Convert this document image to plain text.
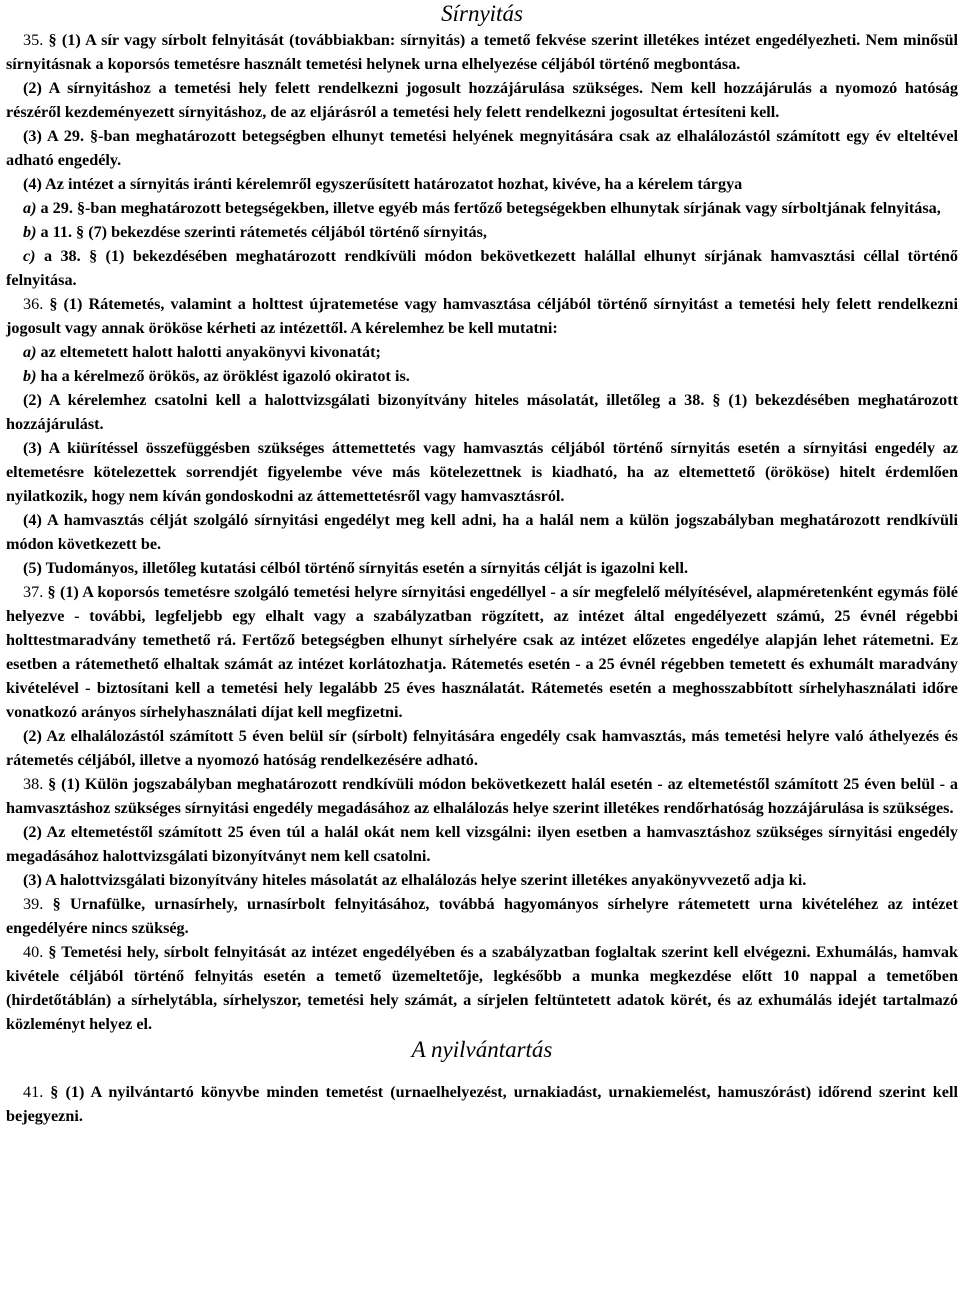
Sírnyitás

35. § (1) A sír vagy sírbolt felnyitását (továbbiakban: sírnyitás) a temető fekvése szerint illetékes intézet engedélyezheti. Nem minősül sírnyitásnak a koporsós temetésre használt temetési helynek urna elhelyezése céljából történő megbontása.

(2) A sírnyitáshoz a temetési hely felett rendelkezni jogosult hozzájárulása szükséges. Nem kell hozzájárulás a nyomozó hatóság részéről kezdeményezett sírnyitáshoz, de az eljárásról a temetési hely felett rendelkezni jogosultat értesíteni kell.

(3) A 29. §-ban meghatározott betegségben elhunyt temetési helyének megnyitására csak az elhalálozástól számított egy év elteltével adható engedély.

(4) Az intézet a sírnyitás iránti kérelemről egyszerűsített határozatot hozhat, kivéve, ha a kérelem tárgya

a) a 29. §-ban meghatározott betegségekben, illetve egyéb más fertőző betegségekben elhunytak sírjának vagy sírboltjának felnyitása,

b) a 11. § (7) bekezdése szerinti rátemetés céljából történő sírnyitás,

c) a 38. § (1) bekezdésében meghatározott rendkívüli módon bekövetkezett halállal elhunyt sírjának hamvasztási céllal történő felnyitása.

36. § (1) Rátemetés, valamint a holttest újratemetése vagy hamvasztása céljából történő sírnyitást a temetési hely felett rendelkezni jogosult vagy annak örököse kérheti az intézettől. A kérelemhez be kell mutatni:

a) az eltemetett halott halotti anyakönyvi kivonatát;

b) ha a kérelmező örökös, az öröklést igazoló okiratot is.

(2) A kérelemhez csatolni kell a halottvizsgálati bizonyítvány hiteles másolatát, illetőleg a 38. § (1) bekezdésében meghatározott hozzájárulást.

(3) A kiürítéssel összefüggésben szükséges áttemettetés vagy hamvasztás céljából történő sírnyitás esetén a sírnyitási engedély az eltemetésre kötelezettek sorrendjét figyelembe véve más kötelezettnek is kiadható, ha az eltemettető (örököse) hitelt érdemlően nyilatkozik, hogy nem kíván gondoskodni az áttemettetésről vagy hamvasztásról.

(4) A hamvasztás célját szolgáló sírnyitási engedélyt meg kell adni, ha a halál nem a külön jogszabályban meghatározott rendkívüli módon következett be.

(5) Tudományos, illetőleg kutatási célból történő sírnyitás esetén a sírnyitás célját is igazolni kell.

37. § (1) A koporsós temetésre szolgáló temetési helyre sírnyitási engedéllyel - a sír megfelelő mélyítésével, alapméretenként egymás fölé helyezve - további, legfeljebb egy elhalt vagy a szabályzatban rögzített, az intézet által engedélyezett számú, 25 évnél régebbi holttestmaradvány temethető rá. Fertőző betegségben elhunyt sírhelyére csak az intézet előzetes engedélye alapján lehet rátemetni. Ez esetben a rátemethető elhaltak számát az intézet korlátozhatja. Rátemetés esetén - a 25 évnél régebben temetett és exhumált maradvány kivételével - biztosítani kell a temetési hely legalább 25 éves használatát. Rátemetés esetén a meghosszabbított sírhelyhasználati időre vonatkozó arányos sírhelyhasználati díjat kell megfizetni.

(2) Az elhalálozástól számított 5 éven belül sír (sírbolt) felnyitására engedély csak hamvasztás, más temetési helyre való áthelyezés és rátemetés céljából, illetve a nyomozó hatóság rendelkezésére adható.

38. § (1) Külön jogszabályban meghatározott rendkívüli módon bekövetkezett halál esetén - az eltemetéstől számított 25 éven belül - a hamvasztáshoz szükséges sírnyitási engedély megadásához az elhalálozás helye szerint illetékes rendőrhatóság hozzájárulása is szükséges.

(2) Az eltemetéstől számított 25 éven túl a halál okát nem kell vizsgálni: ilyen esetben a hamvasztáshoz szükséges sírnyitási engedély megadásához halottvizsgálati bizonyítványt nem kell csatolni.

(3) A halottvizsgálati bizonyítvány hiteles másolatát az elhalálozás helye szerint illetékes anyakönyvvezető adja ki.

39. § Urnafülke, urnasírhely, urnasírbolt felnyitásához, továbbá hagyományos sírhelyre rátemetett urna kivételéhez az intézet engedélyére nincs szükség.

40. § Temetési hely, sírbolt felnyitását az intézet engedélyében és a szabályzatban foglaltak szerint kell elvégezni. Exhumálás, hamvak kivétele céljából történő felnyitás esetén a temető üzemeltetője, legkésőbb a munka megkezdése előtt 10 nappal a temetőben (hirdetőtáblán) a sírhelytábla, sírhelyszor, temetési hely számát, a sírjelen feltüntetett adatok körét, és az exhumálás idejét tartalmazó közleményt helyez el.

A nyilvántartás

41. § (1) A nyilvántartó könyvbe minden temetést (urnaelhelyezést, urnakiadást, urnakiemelést, hamuszórást) időrend szerint kell bejegyezni.
